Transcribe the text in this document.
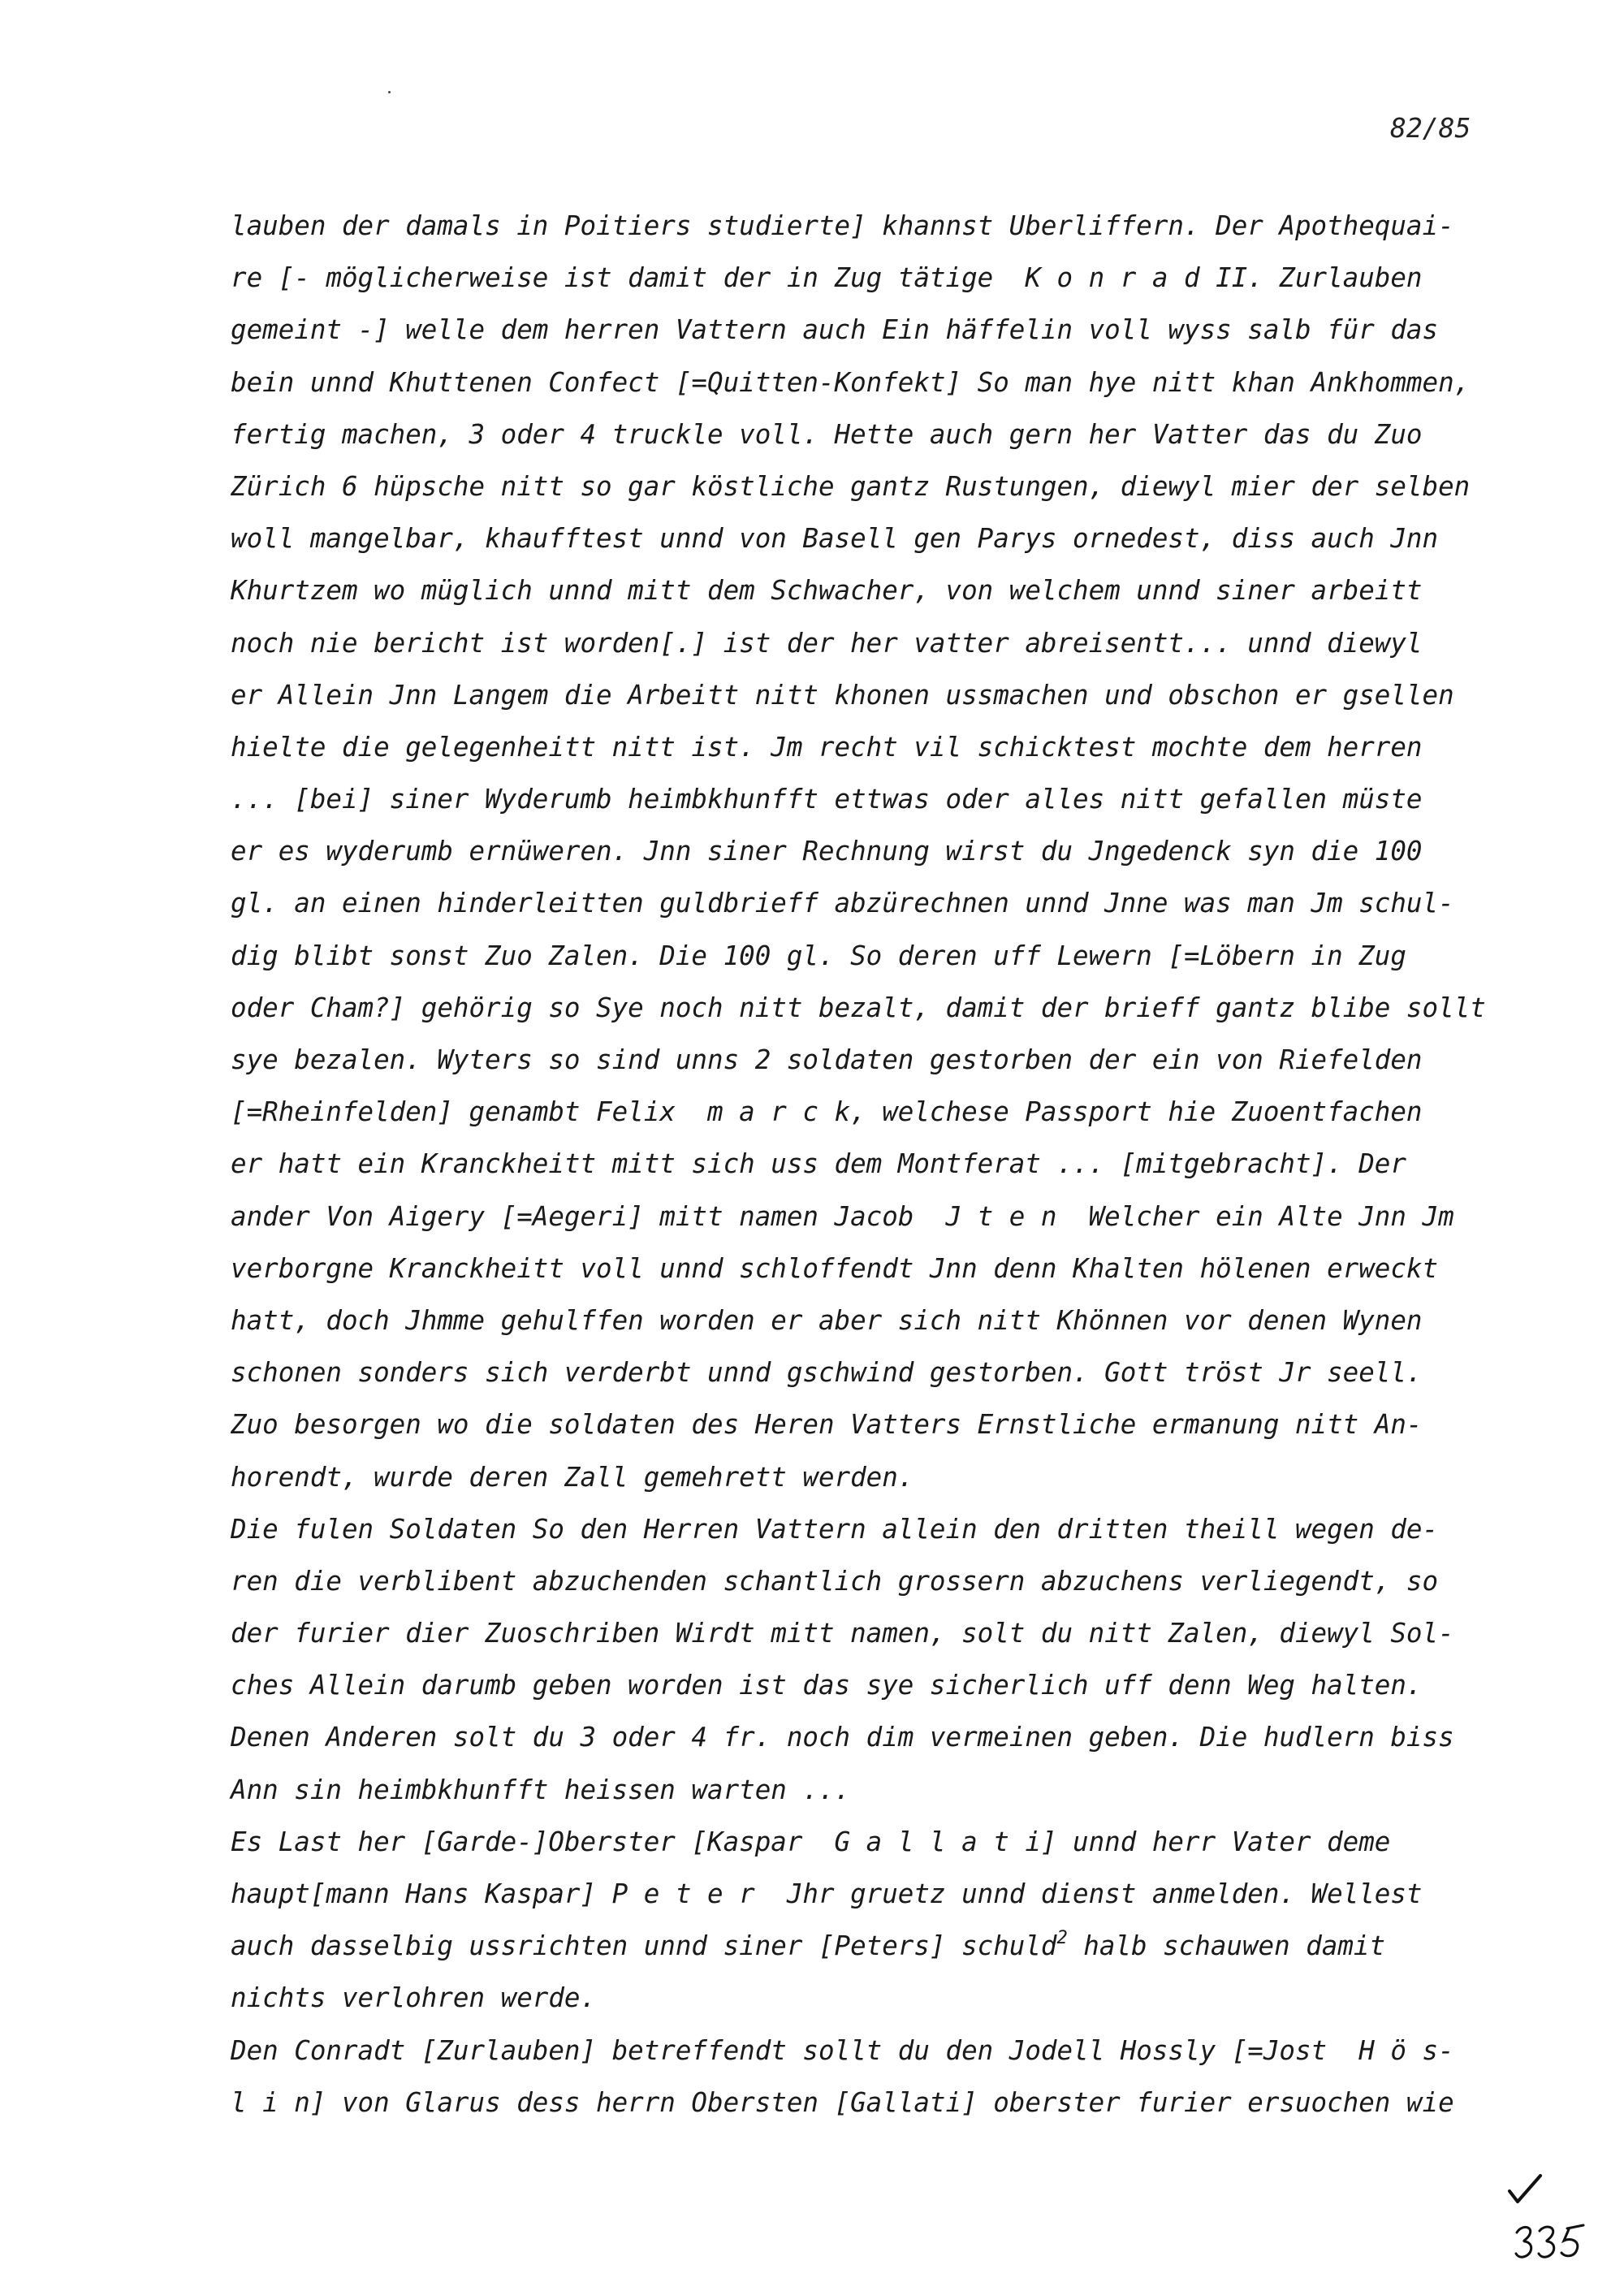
82/85
lauben der damals in Poitiers studierte] khannst Uberliffern. Der Apothequai-
re [- möglicherweise ist damit der in Zug tätige  K o n r a d II. Zurlauben
gemeint -] welle dem herren Vattern auch Ein häffelin voll wyss salb für das
bein unnd Khuttenen Confect [=Quitten-Konfekt] So man hye nitt khan Ankhommen,
fertig machen, 3 oder 4 truckle voll. Hette auch gern her Vatter das du Zuo
Zürich 6 hüpsche nitt so gar köstliche gantz Rustungen, diewyl mier der selben
woll mangelbar, khaufftest unnd von Basell gen Parys ornedest, diss auch Jnn
Khurtzem wo müglich unnd mitt dem Schwacher, von welchem unnd siner arbeitt
noch nie bericht ist worden[.] ist der her vatter abreisentt... unnd diewyl
er Allein Jnn Langem die Arbeitt nitt khonen ussmachen und obschon er gsellen
hielte die gelegenheitt nitt ist. Jm recht vil schicktest mochte dem herren
... [bei] siner Wyderumb heimbkhunfft ettwas oder alles nitt gefallen müste
er es wyderumb ernüweren. Jnn siner Rechnung wirst du Jngedenck syn die 100
gl. an einen hinderleitten guldbrieff abzürechnen unnd Jnne was man Jm schul-
dig blibt sonst Zuo Zalen. Die 100 gl. So deren uff Lewern [=Löbern in Zug
oder Cham?] gehörig so Sye noch nitt bezalt, damit der brieff gantz blibe sollt
sye bezalen. Wyters so sind unns 2 soldaten gestorben der ein von Riefelden
[=Rheinfelden] genambt Felix  m a r c k, welchese Passport hie Zuoentfachen
er hatt ein Kranckheitt mitt sich uss dem Montferat ... [mitgebracht]. Der
ander Von Aigery [=Aegeri] mitt namen Jacob  J t e n  Welcher ein Alte Jnn Jm
verborgne Kranckheitt voll unnd schloffendt Jnn denn Khalten hölenen erweckt
hatt, doch Jhmme gehulffen worden er aber sich nitt Khönnen vor denen Wynen
schonen sonders sich verderbt unnd gschwind gestorben. Gott tröst Jr seell.
Zuo besorgen wo die soldaten des Heren Vatters Ernstliche ermanung nitt An-
horendt, wurde deren Zall gemehrett werden.
Die fulen Soldaten So den Herren Vattern allein den dritten theill wegen de-
ren die verblibent abzuchenden schantlich grossern abzuchens verliegendt, so
der furier dier Zuoschriben Wirdt mitt namen, solt du nitt Zalen, diewyl Sol-
ches Allein darumb geben worden ist das sye sicherlich uff denn Weg halten.
Denen Anderen solt du 3 oder 4 fr. noch dim vermeinen geben. Die hudlern biss
Ann sin heimbkhunfft heissen warten ...
Es Last her [Garde-]Oberster [Kaspar  G a l l a t i] unnd herr Vater deme
haupt[mann Hans Kaspar] P e t e r  Jhr gruetz unnd dienst anmelden. Wellest
auch dasselbig ussrichten unnd siner [Peters] schuld$^2$ halb schauwen damit
nichts verlohren werde.
Den Conradt [Zurlauben] betreffendt sollt du den Jodell Hossly [=Jost  H ö s-
l i n] von Glarus dess herrn Obersten [Gallati] oberster furier ersuochen wie
